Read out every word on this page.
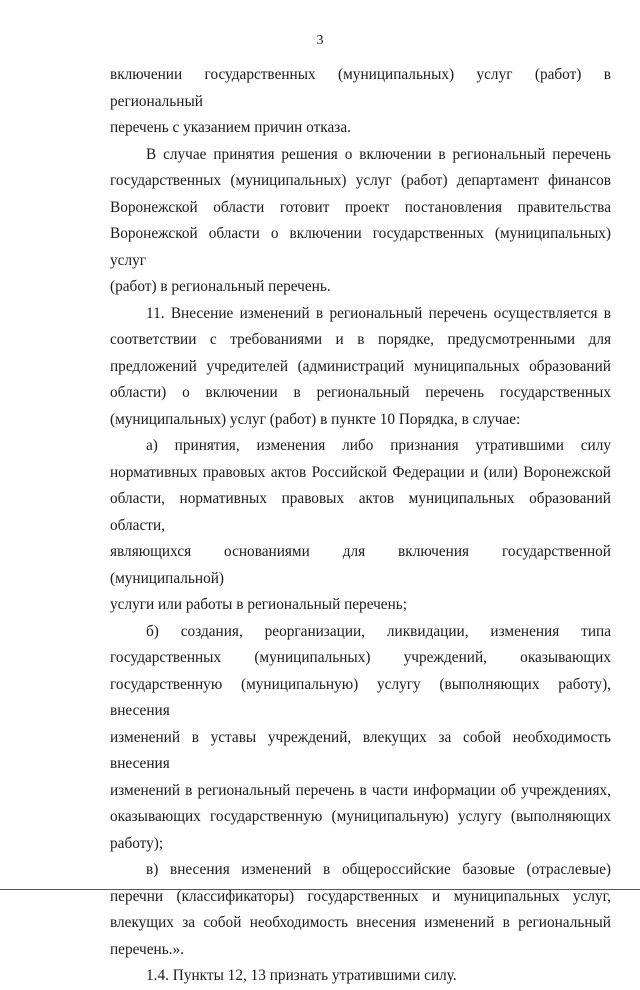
3
включении государственных (муниципальных) услуг (работ) в региональный
перечень с указанием причин отказа.
В случае принятия решения о включении в региональный перечень
государственных (муниципальных) услуг (работ) департамент финансов
Воронежской области готовит проект постановления правительства
Воронежской области о включении государственных (муниципальных) услуг
(работ) в региональный перечень.
11. Внесение изменений в региональный перечень осуществляется в
соответствии с требованиями и в порядке, предусмотренными для
предложений учредителей (администраций муниципальных образований
области) о включении в региональный перечень государственных
(муниципальных) услуг (работ) в пункте 10 Порядка, в случае:
а) принятия, изменения либо признания утратившими силу
нормативных правовых актов Российской Федерации и (или) Воронежской
области, нормативных правовых актов муниципальных образований области,
являющихся основаниями для включения государственной (муниципальной)
услуги или работы в региональный перечень;
б) создания, реорганизации, ликвидации, изменения типа
государственных (муниципальных) учреждений, оказывающих
государственную (муниципальную) услугу (выполняющих работу), внесения
изменений в уставы учреждений, влекущих за собой необходимость внесения
изменений в региональный перечень в части информации об учреждениях,
оказывающих государственную (муниципальную) услугу (выполняющих
работу);
в) внесения изменений в общероссийские базовые (отраслевые)
перечни (классификаторы) государственных и муниципальных услуг,
влекущих за собой необходимость внесения изменений в региональный
перечень.».
1.4. Пункты 12, 13 признать утратившими силу.
